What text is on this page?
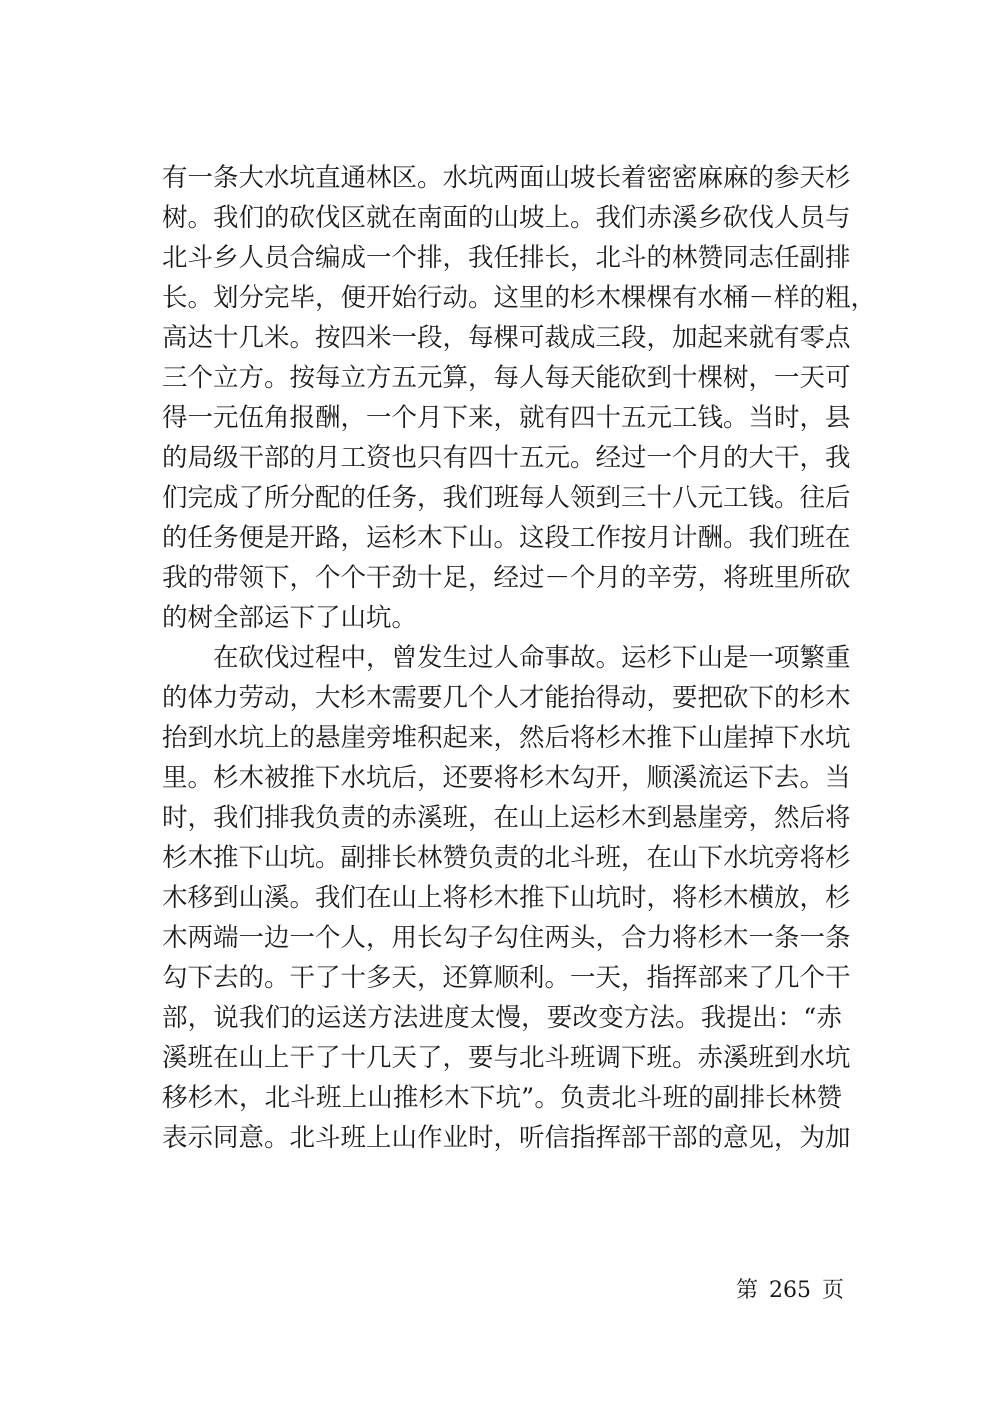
有一条大水坑直通林区。水坑两面山坡长着密密麻麻的参天杉
树。我们的砍伐区就在南面的山坡上。我们赤溪乡砍伐人员与
北斗乡人员合编成一个排，我任排长，北斗的林赞同志任副排
长。划分完毕，便开始行动。这里的杉木棵棵有水桶－样的粗，
高达十几米。按四米一段，每棵可裁成三段，加起来就有零点
三个立方。按每立方五元算，每人每天能砍到十棵树，一天可
得一元伍角报酬，一个月下来，就有四十五元工钱。当时，县
的局级干部的月工资也只有四十五元。经过一个月的大干，我
们完成了所分配的任务，我们班每人领到三十八元工钱。往后
的任务便是开路，运杉木下山。这段工作按月计酬。我们班在
我的带领下，个个干劲十足，经过－个月的辛劳，将班里所砍
的树全部运下了山坑。
在砍伐过程中，曾发生过人命事故。运杉下山是一项繁重
的体力劳动，大杉木需要几个人才能抬得动，要把砍下的杉木
抬到水坑上的悬崖旁堆积起来，然后将杉木推下山崖掉下水坑
里。杉木被推下水坑后，还要将杉木勾开，顺溪流运下去。当
时，我们排我负责的赤溪班，在山上运杉木到悬崖旁，然后将
杉木推下山坑。副排长林赞负责的北斗班，在山下水坑旁将杉
木移到山溪。我们在山上将杉木推下山坑时，将杉木横放，杉
木两端一边一个人，用长勾子勾住两头，合力将杉木一条一条
勾下去的。干了十多天，还算顺利。一天，指挥部来了几个干
部，说我们的运送方法进度太慢，要改变方法。我提出：“赤
溪班在山上干了十几天了，要与北斗班调下班。赤溪班到水坑
移杉木，北斗班上山推杉木下坑”。负责北斗班的副排长林赞
表示同意。北斗班上山作业时，听信指挥部干部的意见，为加
第 265 页
